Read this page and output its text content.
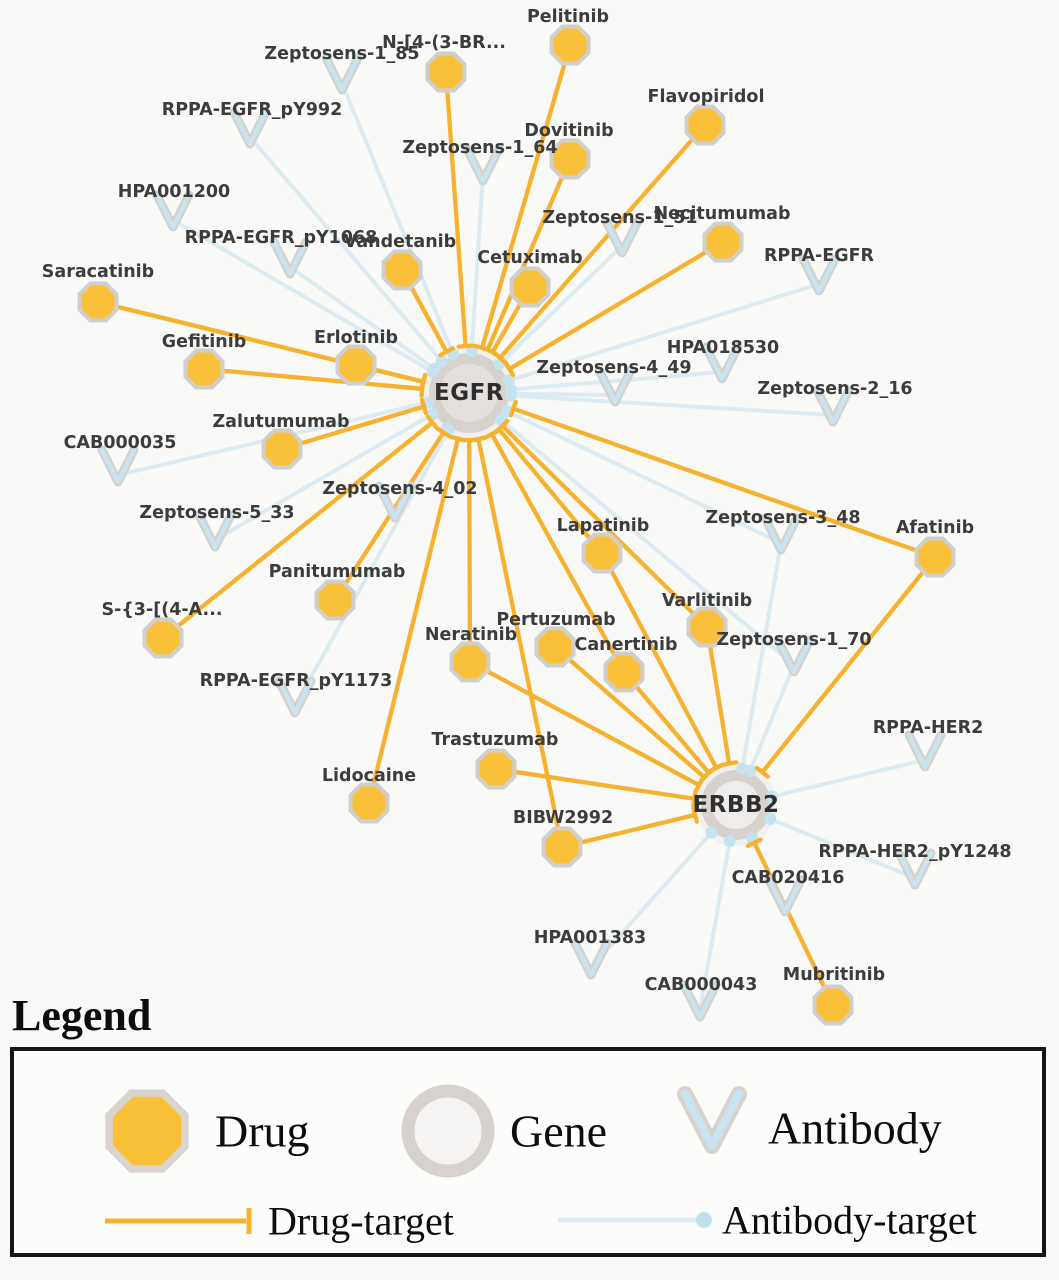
Pelitinib
N-[4-(3-BR...
Flavopiridol
Dovitinib
Vandetanib
Cetuximab
Necitumumab
Saracatinib
Gefitinib	Erlotinib
Zalutumumab
S-{3-[(4-A...
Panitumumab
Lidocaine
Lapatinib
Varlitinib
Neratinib	Canertinib
Pertuzumab
Trastuzumab
BIBW2992
Afatinib
Mubritinib
Zeptosens-1_85
RPPA-EGFR_pY992
HPA001200
RPPA-EGFR_pY1068
Zeptosens-1_64
Zeptosens-1_51
RPPA-EGFR
HPA018530
Zeptosens-4_49
Zeptosens-2_16
CAB000035
Zeptosens-5_33
Zeptosens-4_02
RPPA-EGFR_pY1173
Zeptosens-3_48
Zeptosens-1_70
RPPA-HER2
RPPA-HER2_pY1248
CAB020416
HPA001383
CAB000043
EGFR
ERBB2
Legend
Drug	Gene	Antibody
Drug-target	Antibody-target
